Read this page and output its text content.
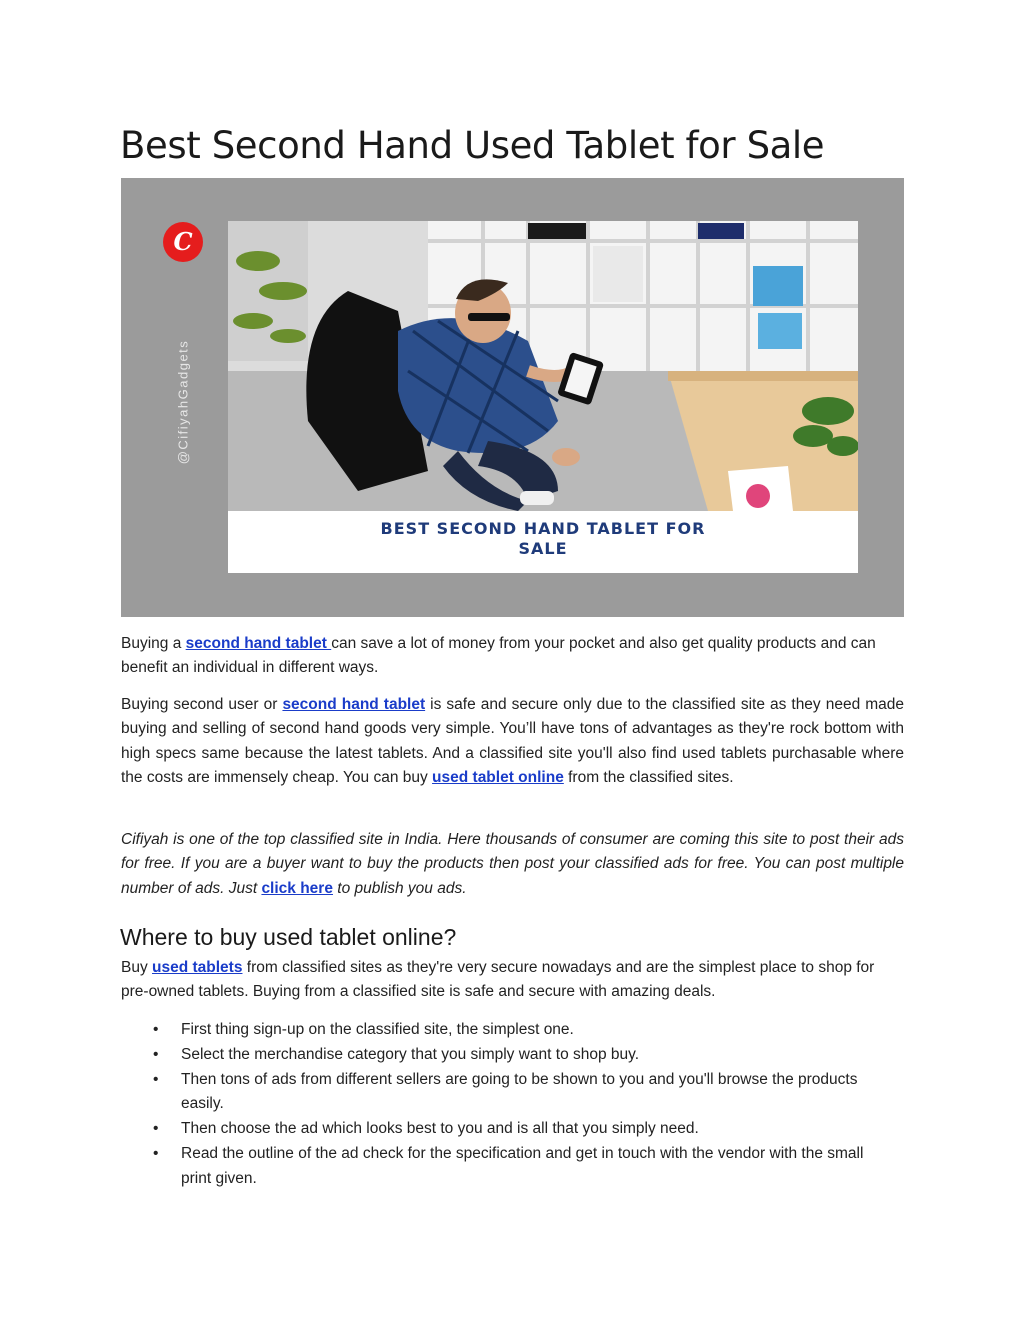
Best Second Hand Used Tablet for Sale
C
@CifiyahGadgets
BEST SECOND HAND TABLET FOR
SALE

Buying a second hand tablet can save a lot of money from your pocket and also get quality products and can benefit an individual in different ways.

Buying second user or second hand tablet is safe and secure only due to the classified site as they need made buying and selling of second hand goods very simple. You’ll have tons of advantages as they're rock bottom with high specs same because the latest tablets. And a classified site you'll also find used tablets purchasable where the costs are immensely cheap. You can buy used tablet online from the classified sites.

Cifiyah is one of the top classified site in India. Here thousands of consumer are coming this site to post their ads for free. If you are a buyer want to buy the products then post your classified ads for free. You can post multiple number of ads. Just click here to publish you ads.

Where to buy used tablet online?

Buy used tablets from classified sites as they're very secure nowadays and are the simplest place to shop for pre-owned tablets. Buying from a classified site is safe and secure with amazing deals.

• First thing sign-up on the classified site, the simplest one.
• Select the merchandise category that you simply want to shop buy.
• Then tons of ads from different sellers are going to be shown to you and you'll browse the products easily.
• Then choose the ad which looks best to you and is all that you simply need.
• Read the outline of the ad check for the specification and get in touch with the vendor with the small print given.
